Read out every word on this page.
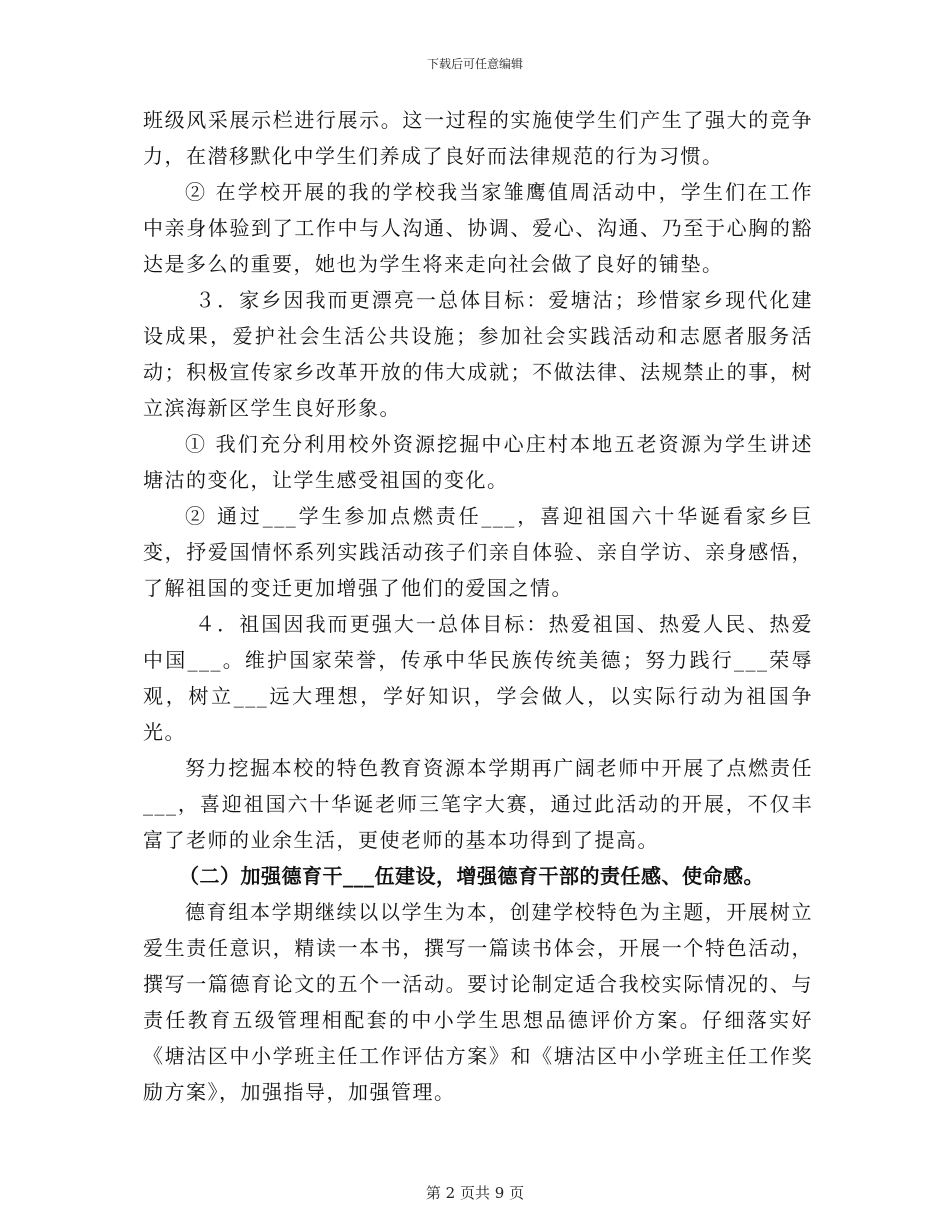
下载后可任意编辑

班级风采展示栏进行展示。这一过程的实施使学生们产生了强大的竞争力，在潜移默化中学生们养成了良好而法律规范的行为习惯。

② 在学校开展的我的学校我当家雏鹰值周活动中，学生们在工作中亲身体验到了工作中与人沟通、协调、爱心、沟通、乃至于心胸的豁达是多么的重要，她也为学生将来走向社会做了良好的铺垫。

３．家乡因我而更漂亮一总体目标：爱塘沽；珍惜家乡现代化建设成果，爱护社会生活公共设施；参加社会实践活动和志愿者服务活动；积极宣传家乡改革开放的伟大成就；不做法律、法规禁止的事，树立滨海新区学生良好形象。

① 我们充分利用校外资源挖掘中心庄村本地五老资源为学生讲述塘沽的变化，让学生感受祖国的变化。

② 通过___学生参加点燃责任___，喜迎祖国六十华诞看家乡巨变，抒爱国情怀系列实践活动孩子们亲自体验、亲自学访、亲身感悟，了解祖国的变迁更加增强了他们的爱国之情。

４．祖国因我而更强大一总体目标：热爱祖国、热爱人民、热爱中国___。维护国家荣誉，传承中华民族传统美德；努力践行___荣辱观，树立___远大理想，学好知识，学会做人，以实际行动为祖国争光。

努力挖掘本校的特色教育资源本学期再广阔老师中开展了点燃责任___，喜迎祖国六十华诞老师三笔字大赛，通过此活动的开展，不仅丰富了老师的业余生活，更使老师的基本功得到了提高。

（二）加强德育干___伍建设，增强德育干部的责任感、使命感。

德育组本学期继续以以学生为本，创建学校特色为主题，开展树立爱生责任意识，精读一本书，撰写一篇读书体会，开展一个特色活动，撰写一篇德育论文的五个一活动。要讨论制定适合我校实际情况的、与责任教育五级管理相配套的中小学生思想品德评价方案。仔细落实好《塘沽区中小学班主任工作评估方案》和《塘沽区中小学班主任工作奖励方案》，加强指导，加强管理。

第 2 页共 9 页
